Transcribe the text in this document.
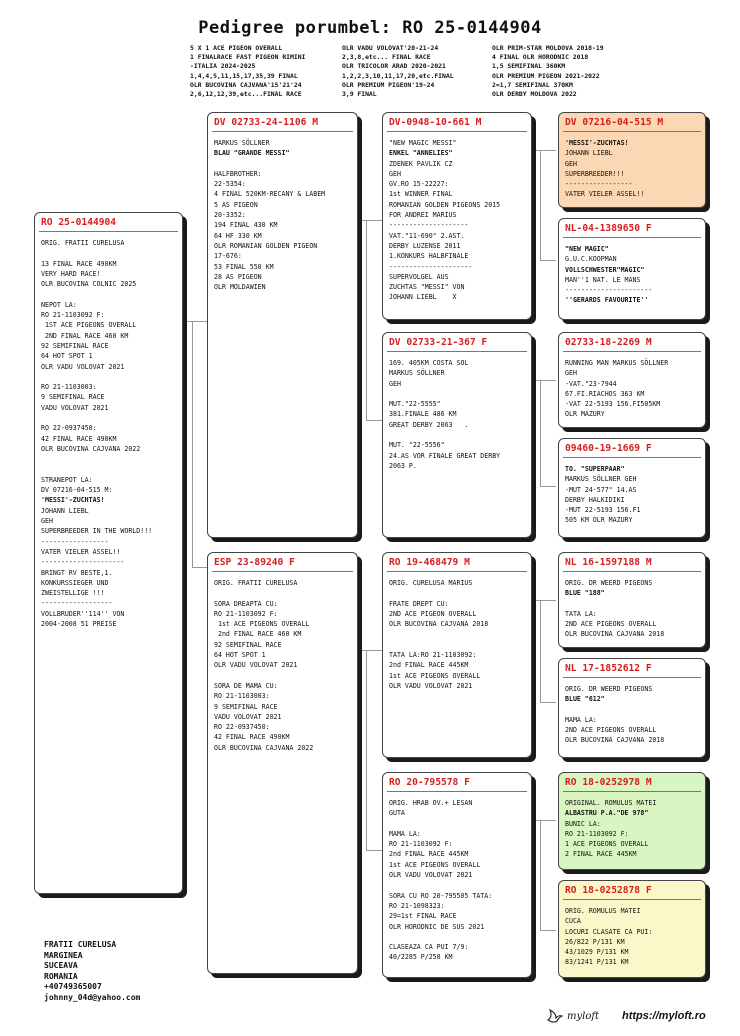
Pedigree porumbel: RO 25-0144904
5 X 1 ACE PIGEON OVERALL
1 FINALRACE FAST PIGEON RIMINI
-ITALIA 2024-2025
1,4,4,5,11,15,17,35,39 FINAL
OLR BUCOVINA CAJVANA'15'21'24
2,6,12,12,39,etc...FINAL RACE
OLR VADU VOLOVAT'20-21-24
2,3,8,etc... FINAL RACE
OLR TRICOLOR ARAD 2020-2021
1,2,2,3,10,11,17,20,etc.FINAL
OLR PREMIUM PIGEON'19-24
3,9 FINAL
OLR PRIM-STAR MOLDOVA 2018-19
4 FINAL OLR HORODNIC 2018
1,5 SEMIFINAL 360KM
OLR PREMIUM PIGEON 2021-2022
2=1,7 SEMIFINAL 370KM
OLR DERBY MOLDOVA 2022
RO 25-0144904
ORIG. FRATII CURELUSA
13 FINAL RACE 490KM
VERY HARD RACE!
OLR BUCOVINA COLNIC 2025
NEPOT LA:
RO 21-1103092 F:
1ST ACE PIGEONS OVERALL
2ND FINAL RACE 460 KM
92 SEMIFINAL RACE
64 HOT SPOT 1
OLR VADU VOLOVAT 2021
RO 21-1103003:
9 SEMIFINAL RACE
VADU VOLOVAT 2021
RO 22-0937450:
42 FINAL RACE 490KM
OLR BUCOVINA CAJVANA 2022
STRANEPOT LA:
DV 07216-04-515 M:
'MESSI'-ZUCHTAS!
JOHANN LIEBL
GEH
SUPERBREEDER IN THE WORLD!!!
-----------------
VATER VIELER ASSEL!!
---------------------
BRINGT RV BESTE,1.
KONKURSSIEGER UND
ZWEISTELLIGE !!!
------------------
VOLLBRUDER''114'' VON
2004-2008 51 PREISE
DV 02733-24-1106 M
MARKUS SÖLLNER
BLAU "GRANDE MESSI"
HALFBROTHER:
22-5354:
4 FINAL 520KM-RECANY & LABEM
5 AS PIGEON
20-3352:
194 FINAL 430 KM
64 HF 330 KM
OLR ROMANIAN GOLDEN PIGEON
17-676:
53 FINAL 550 KM
28 AS PIGEON
OLR MOLDAWIEN
ESP 23-89240 F
ORIG. FRATII CURELUSA
SORA DREAPTA CU:
RO 21-1103092 F:
1st ACE PIGEONS OVERALL
2nd FINAL RACE 460 KM
92 SEMIFINAL RACE
64 HOT SPOT 1
OLR VADU VOLOVAT 2021
SORA DE MAMA CU:
RO 21-1103003:
9 SEMIFINAL RACE
VADU VOLOVAT 2021
RO 22-0937450:
42 FINAL RACE 490KM
OLR BUCOVINA CAJVANA 2022
DV-0948-10-661 M
"NEW MAGIC MESSI"
ENKEL "ANNELIES"
ZDENEK PAVLIK CZ
GEH
GV.RO 15-22227:
1st WINNER FINAL
ROMANIAN GOLDEN PIGEONS 2015
FOR ANDREI MARIUS
--------------------
VAT."11-690" 2.AST.
DERBY LUZENSE 2011
1.KONKURS HALBFINALE
---------------------
SUPERVOLGEL AUS
ZUCHTAS "MESSI" VON
JOHANN LIEBL    X
DV 02733-21-367 F
169. 405KM COSTA SOL
MARKUS SÖLLNER
GEH
MUT."22-5555"
381.FINALE 486 KM
GREAT DERBY 2063   .
MUT. "22-5556"
24.AS VOR FINALE GREAT DERBY
2063 P.
RO 19-468479 M
ORIG. CURELUSA MARIUS
FRATE DREPT CU:
2ND ACE PIGEON OVERALL
OLR BUCOVINA CAJVANA 2018
TATA LA:RO 21-1103092:
2nd FINAL RACE 445KM
1st ACE PIGEONS OVERALL
OLR VADU VOLOVAT 2021
RO 20-795578 F
ORIG. HRAB OV.+ LESAN
GUTA
MAMA LA:
RO 21-1103092 F:
2nd FINAL RACE 445KM
1st ACE PIGEONS OVERALL
OLR VADU VOLOVAT 2021
SORA CU RO 20-795505 TATA:
RO 21-1098323:
29=1st FINAL RACE
OLR HORODNIC DE SUS 2021
CLASEAZA CA PUI 7/9:
40/2285 P/258 KM
DV 07216-04-515 M
'MESSI'-ZUCHTAS!
JOHANN LIEBL
GEH
SUPERBREEDER!!!
-----------------
VATER VIELER ASSEL!!
NL-04-1389650 F
"NEW MAGIC"
G.U.C.KOOPMAN
VOLLSCHWESTER"MAGIC"
MAN''1 NAT. LE MANS
----------------------
''GERARDS FAVOURITE''
02733-18-2269 M
RUNNING MAN MARKUS SÖLLNER
GEH
-VAT."23-7944
67.FI.RIACHOS 363 KM
-VAT 22-5193 156.FI505KM
OLR MAZURY
09460-19-1669 F
TO. "SUPERPAAR"
MARKUS SÖLLNER GEH
-MUT 24-577" 14.AS
DERBY HALKIDIKI
-MUT 22-5193 156.F1
505 KM OLR MAZURY
NL 16-1597188 M
ORIG. DR WEERD PIGEONS
BLUE "188"
TATA LA:
2ND ACE PIGEONS OVERALL
OLR BUCOVINA CAJVANA 2018
NL 17-1852612 F
ORIG. DR WEERD PIGEONS
BLUE "612"
MAMA LA:
2ND ACE PIGEONS OVERALL
OLR BUCOVINA CAJVANA 2018
RO 18-0252978 M
ORIGINAL. ROMULUS MATEI
ALBASTRU P.A."DE 978"
BUNIC LA:
RO 21-1103092 F:
1 ACE PIGEONS OVERALL
2 FINAL RACE 445KM
RO 18-0252878 F
ORIG. ROMULUS MATEI
CUCA
LOCURI CLASATE CA PUI:
26/822 P/131 KM
43/1029 P/131 KM
83/1241 P/131 KM
FRATII CURELUSA
MARGINEA
SUCEAVA
ROMANIA
+40749365007
johnny_04d@yahoo.com
myloft https://myloft.ro
